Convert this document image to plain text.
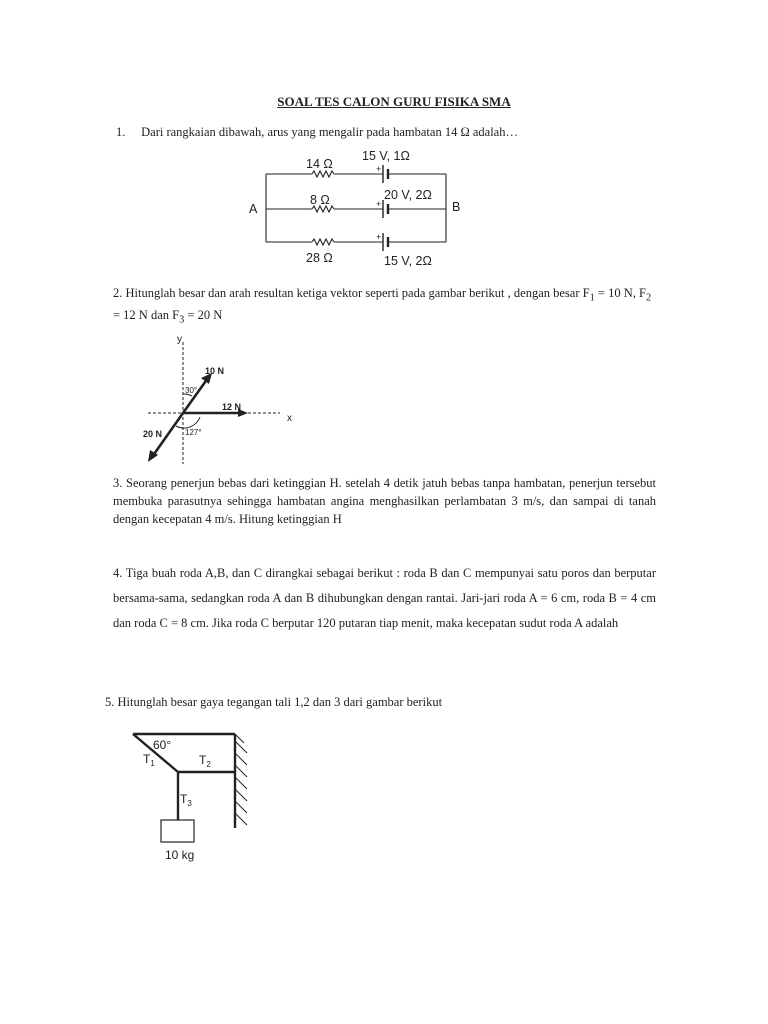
SOAL TES CALON GURU FISIKA SMA
1. Dari rangkaian dibawah, arus yang mengalir pada hambatan 14 Ω adalah…
+
+
+
14 Ω
8 Ω
28 Ω
15 V, 1Ω
20 V, 2Ω
15 V, 2Ω
A	B
2. Hitunglah besar dan arah resultan ketiga vektor seperti pada gambar berikut , dengan besar $F_1 = 10$ N, $F_2 = 12$ N dan $F_3 = 20$ N
10 N
12 N
20 N
y
x
30°
127°
3. Seorang penerjun bebas dari ketinggian H. setelah 4 detik jatuh bebas tanpa hambatan, penerjun tersebut membuka parasutnya sehingga hambatan angina menghasilkan perlambatan 3 m/s, dan sampai di tanah dengan kecepatan 4 m/s. Hitung ketinggian H
4. Tiga buah roda A,B, dan C dirangkai sebagai berikut : roda B dan C mempunyai satu poros dan berputar bersama-sama, sedangkan roda A dan B dihubungkan dengan rantai. Jari-jari roda A = 6 cm, roda B = 4 cm dan roda C = 8 cm. Jika roda C berputar 120 putaran tiap menit, maka kecepatan sudut roda A adalah
5. Hitunglah besar gaya tegangan tali 1,2 dan 3 dari gambar berikut
60°
$T_1$	$T_2$
$T_3$
10 kg
